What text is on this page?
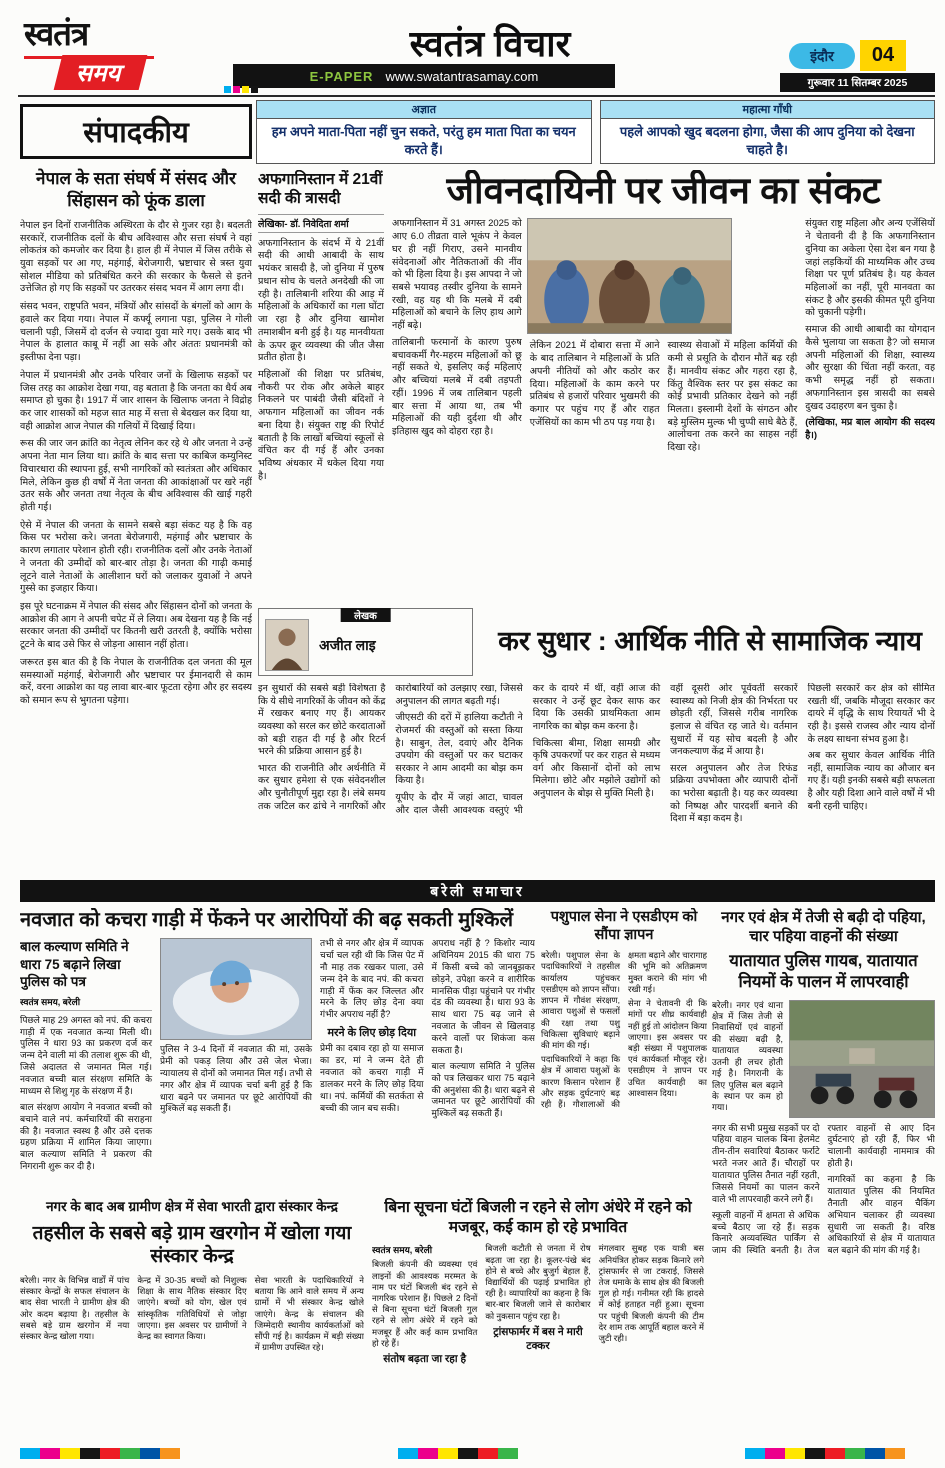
स्वतंत्र
समय
स्वतंत्र विचार
E-PAPER www.swatantrasamay.com
इंदौर	04
गुरूवार 11 सितम्बर 2025
अज्ञात
हम अपने माता-पिता नहीं चुन सकते, परंतु हम माता पिता का चयन करते हैं।
महात्मा गाँधी
पहले आपको खुद बदलना होगा, जैसा की आप दुनिया को देखना चाहते है।
संपादकीय
नेपाल के सता संघर्ष में संसद और सिंहासन को फूंक डाला

नेपाल इन दिनों राजनीतिक अस्थिरता के दौर से गुजर रहा है। बदलती सरकारें, राजनीतिक दलों के बीच अविश्वास और सत्ता संघर्ष ने वहां लोकतंत्र को कमजोर कर दिया है। हाल ही में नेपाल में जिस तरीके से युवा सड़कों पर आ गए, महंगाई, बेरोजगारी, भ्रष्टाचार से त्रस्त युवा सोशल मीडिया को प्रतिबंधित करने की सरकार के फैसले से इतने उत्तेजित हो गए कि सड़कों पर उतरकर संसद भवन में आग लगा दी।

संसद भवन, राष्ट्रपति भवन, मंत्रियों और सांसदों के बंगलों को आग के हवाले कर दिया गया। नेपाल में कर्फ्यू लगाना पड़ा, पुलिस ने गोली चलानी पड़ी, जिसमें दो दर्जन से ज्यादा युवा मारे गए। उसके बाद भी नेपाल के हालात काबू में नहीं आ सके और अंततः प्रधानमंत्री को इस्तीफा देना पड़ा।

नेपाल में प्रधानमंत्री और उनके परिवार जनों के खिलाफ सड़कों पर जिस तरह का आक्रोश देखा गया, वह बताता है कि जनता का धैर्य अब समाप्त हो चुका है। 1917 में जार शासन के खिलाफ जनता ने विद्रोह कर जार शासकों को महज सात माह में सत्ता से बेदखल कर दिया था, वही आक्रोश आज नेपाल की गलियों में दिखाई दिया।

रूस की जार जन क्रांति का नेतृत्व लेनिन कर रहे थे और जनता ने उन्हें अपना नेता मान लिया था। क्रांति के बाद सत्ता पर काबिज कम्युनिस्ट विचारधारा की स्थापना हुई, सभी नागरिकों को स्वतंत्रता और अधिकार मिले, लेकिन कुछ ही वर्षों में नेता जनता की आकांक्षाओं पर खरे नहीं उतर सके और जनता तथा नेतृत्व के बीच अविश्वास की खाई गहरी होती गई।

ऐसे में नेपाल की जनता के सामने सबसे बड़ा संकट यह है कि वह किस पर भरोसा करे। जनता बेरोजगारी, महंगाई और भ्रष्टाचार के कारण लगातार परेशान होती रही। राजनीतिक दलों और उनके नेताओं ने जनता की उम्मीदों को बार-बार तोड़ा है। जनता की गाढ़ी कमाई लूटने वाले नेताओं के आलीशान घरों को जलाकर युवाओं ने अपने गुस्से का इजहार किया।

इस पूरे घटनाक्रम में नेपाल की संसद और सिंहासन दोनों को जनता के आक्रोश की आग ने अपनी चपेट में ले लिया। अब देखना यह है कि नई सरकार जनता की उम्मीदों पर कितनी खरी उतरती है, क्योंकि भरोसा टूटने के बाद उसे फिर से जोड़ना आसान नहीं होता।

जरूरत इस बात की है कि नेपाल के राजनीतिक दल जनता की मूल समस्याओं महंगाई, बेरोजगारी और भ्रष्टाचार पर ईमानदारी से काम करें, वरना आक्रोश का यह लावा बार-बार फूटता रहेगा और हर सदस्य को समान रूप से भुगतना पड़ेगा।

अफगानिस्तान में 21वीं सदी की त्रासदी
लेखिका- डॉ. निवेदिता शर्मा

अफगानिस्तान के संदर्भ में ये 21वीं सदी की आधी आबादी के साथ भयंकर त्रासदी है, जो दुनिया में पुरुष प्रधान सोच के चलते अनदेखी की जा रही है। तालिबानी शरिया की आड़ में महिलाओं के अधिकारों का गला घोंटा जा रहा है और दुनिया खामोश तमाशबीन बनी हुई है। यह मानवीयता के ऊपर क्रूर व्यवस्था की जीत जैसा प्रतीत होता है।

महिलाओं की शिक्षा पर प्रतिबंध, नौकरी पर रोक और अकेले बाहर निकलने पर पाबंदी जैसी बंदिशों ने अफगान महिलाओं का जीवन नर्क बना दिया है। संयुक्त राष्ट्र की रिपोर्ट बताती है कि लाखों बच्चियां स्कूलों से वंचित कर दी गई हैं और उनका भविष्य अंधकार में धकेल दिया गया है।

जीवनदायिनी पर जीवन का संकट

अफगानिस्तान में 31 अगस्त 2025 को आए 6.0 तीव्रता वाले भूकंप ने केवल घर ही नहीं गिराए, उसने मानवीय संवेदनाओं और नैतिकताओं की नींव को भी हिला दिया है। इस आपदा ने जो सबसे भयावह तस्वीर दुनिया के सामने रखी, वह यह थी कि मलबे में दबी महिलाओं को बचाने के लिए हाथ आगे नहीं बढ़े।

तालिबानी फरमानों के कारण पुरुष बचावकर्मी गैर-महरम महिलाओं को छू नहीं सकते थे, इसलिए कई महिलाएं और बच्चियां मलबे में दबी तड़पती रहीं। 1996 में जब तालिबान पहली बार सत्ता में आया था, तब भी महिलाओं की यही दुर्दशा थी और इतिहास खुद को दोहरा रहा है।

लेकिन 2021 में दोबारा सत्ता में आने के बाद तालिबान ने महिलाओं के प्रति अपनी नीतियों को और कठोर कर दिया। महिलाओं के काम करने पर प्रतिबंध से हजारों परिवार भुखमरी की कगार पर पहुंच गए हैं और राहत एजेंसियों का काम भी ठप पड़ गया है।

स्वास्थ्य सेवाओं में महिला कर्मियों की कमी से प्रसूति के दौरान मौतें बढ़ रही हैं। मानवीय संकट और गहरा रहा है, किंतु वैश्विक स्तर पर इस संकट का कोई प्रभावी प्रतिकार देखने को नहीं मिलता। इस्लामी देशों के संगठन और बड़े मुस्लिम मुल्क भी चुप्पी साधे बैठे हैं, आलोचना तक करने का साहस नहीं दिखा रहे।

संयुक्त राष्ट्र महिला और अन्य एजेंसियों ने चेतावनी दी है कि अफगानिस्तान दुनिया का अकेला ऐसा देश बन गया है जहां लड़कियों की माध्यमिक और उच्च शिक्षा पर पूर्ण प्रतिबंध है। यह केवल महिलाओं का नहीं, पूरी मानवता का संकट है और इसकी कीमत पूरी दुनिया को चुकानी पड़ेगी।

समाज की आधी आबादी का योगदान कैसे भुलाया जा सकता है? जो समाज अपनी महिलाओं की शिक्षा, स्वास्थ्य और सुरक्षा की चिंता नहीं करता, वह कभी समृद्ध नहीं हो सकता। अफगानिस्तान इस त्रासदी का सबसे दुखद उदाहरण बन चुका है।

(लेखिका, मप्र बाल आयोग की सदस्य है।)

लेखक
अजीत लाइ	कर सुधार : आर्थिक नीति से सामाजिक न्याय

इन सुधारों की सबसे बड़ी विशेषता है कि ये सीधे नागरिकों के जीवन को केंद्र में रखकर बनाए गए हैं। आयकर व्यवस्था को सरल कर छोटे करदाताओं को बड़ी राहत दी गई है और रिटर्न भरने की प्रक्रिया आसान हुई है।

भारत की राजनीति और अर्थनीति में कर सुधार हमेशा से एक संवेदनशील और चुनौतीपूर्ण मुद्दा रहा है। लंबे समय तक जटिल कर ढांचे ने नागरिकों और कारोबारियों को उलझाए रखा, जिससे अनुपालन की लागत बढ़ती गई।

जीएसटी की दरों में हालिया कटौती ने रोजमर्रा की वस्तुओं को सस्ता किया है। साबुन, तेल, दवाएं और दैनिक उपयोग की वस्तुओं पर कर घटाकर सरकार ने आम आदमी का बोझ कम किया है।

यूपीए के दौर में जहां आटा, चावल और दाल जैसी आवश्यक वस्तुएं भी कर के दायरे में थीं, वहीं आज की सरकार ने उन्हें छूट देकर साफ कर दिया कि उसकी प्राथमिकता आम नागरिक का बोझ कम करना है।

चिकित्सा बीमा, शिक्षा सामग्री और कृषि उपकरणों पर कर राहत से मध्यम वर्ग और किसानों दोनों को लाभ मिलेगा। छोटे और मझोले उद्योगों को अनुपालन के बोझ से मुक्ति मिली है।

वहीं दूसरी ओर पूर्ववर्ती सरकारें स्वास्थ्य को निजी क्षेत्र की निर्भरता पर छोड़ती रहीं, जिससे गरीब नागरिक इलाज से वंचित रह जाते थे। वर्तमान सुधारों में यह सोच बदली है और जनकल्याण केंद्र में आया है।

सरल अनुपालन और तेज रिफंड प्रक्रिया उपभोक्ता और व्यापारी दोनों का भरोसा बढ़ाती है। यह कर व्यवस्था को निष्पक्ष और पारदर्शी बनाने की दिशा में बड़ा कदम है।

पिछली सरकारें कर क्षेत्र को सीमित रखती थीं, जबकि मौजूदा सरकार कर दायरे में वृद्धि के साथ रियायतें भी दे रही है। इससे राजस्व और न्याय दोनों के लक्ष्य साधना संभव हुआ है।

अब कर सुधार केवल आर्थिक नीति नहीं, सामाजिक न्याय का औजार बन गए हैं। यही इनकी सबसे बड़ी सफलता है और यही दिशा आने वाले वर्षों में भी बनी रहनी चाहिए।

बरेली समाचार
नवजात को कचरा गाड़ी में फेंकने पर आरोपियों की बढ़ सकती मुश्किलें
बाल कल्याण समिति ने धारा 75 बढ़ाने लिखा पुलिस को पत्र
स्वतंत्र समय, बरेली

पिछले माह 29 अगस्त को नपं. की कचरा गाड़ी में एक नवजात कन्या मिली थी। पुलिस ने धारा 93 का प्रकरण दर्ज कर जन्म देने वाली मां की तलाश शुरू की थी, जिसे अदालत से जमानत मिल गई। नवजात बच्ची बाल संरक्षण समिति के माध्यम से शिशु गृह के संरक्षण में है।

बाल संरक्षण आयोग ने नवजात बच्ची को बचाने वाले नपं. कर्मचारियों की सराहना की है। नवजात स्वस्थ है और उसे दत्तक ग्रहण प्रक्रिया में शामिल किया जाएगा। बाल कल्याण समिति ने प्रकरण की निगरानी शुरू कर दी है।

पुलिस ने 3-4 दिनों में नवजात की मां, उसके प्रेमी को पकड़ लिया और उसे जेल भेजा। न्यायालय से दोनों को जमानत मिल गई। तभी से नगर और क्षेत्र में व्यापक चर्चा बनी हुई है कि धारा बढ़ने पर जमानत पर छूटे आरोपियों की मुश्किलें बढ़ सकती हैं।

तभी से नगर और क्षेत्र में व्यापक चर्चा चल रही थी कि जिस पेट में नौ माह तक रखकर पाला, उसे जन्म देने के बाद नपं. की कचरा गाड़ी में फेंक कर जिल्लत और मरने के लिए छोड़ देना क्या गंभीर अपराध नहीं है?

मरने के लिए छोड़ दिया

प्रेमी का दबाव रहा हो या समाज का डर, मां ने जन्म देते ही नवजात को कचरा गाड़ी में डालकर मरने के लिए छोड़ दिया था। नपं. कर्मियों की सतर्कता से बच्ची की जान बच सकी।

अपराध नहीं है ? किशोर न्याय अधिनियम 2015 की धारा 75 में किसी बच्चे को जानबूझकर छोड़ने, उपेक्षा करने व शारीरिक मानसिक पीड़ा पहुंचाने पर गंभीर दंड की व्यवस्था है। धारा 93 के साथ धारा 75 बढ़ जाने से नवजात के जीवन से खिलवाड़ करने वालों पर शिकंजा कस सकता है।

बाल कल्याण समिति ने पुलिस को पत्र लिखकर धारा 75 बढ़ाने की अनुशंसा की है। धारा बढ़ने से जमानत पर छूटे आरोपियों की मुश्किलें बढ़ सकती हैं।

पशुपाल सेना ने एसडीएम को सौंपा ज्ञापन

बरेली। पशुपाल सेना के पदाधिकारियों ने तहसील कार्यालय पहुंचकर एसडीएम को ज्ञापन सौंपा। ज्ञापन में गौवंश संरक्षण, आवारा पशुओं से फसलों की रक्षा तथा पशु चिकित्सा सुविधाएं बढ़ाने की मांग की गई।

पदाधिकारियों ने कहा कि क्षेत्र में आवारा पशुओं के कारण किसान परेशान हैं और सड़क दुर्घटनाएं बढ़ रही हैं। गौशालाओं की क्षमता बढ़ाने और चारागाह की भूमि को अतिक्रमण मुक्त कराने की मांग भी रखी गई।

सेना ने चेतावनी दी कि मांगों पर शीघ्र कार्यवाही नहीं हुई तो आंदोलन किया जाएगा। इस अवसर पर बड़ी संख्या में पशुपालक एवं कार्यकर्ता मौजूद रहे। एसडीएम ने ज्ञापन पर उचित कार्यवाही का आश्वासन दिया।

नगर एवं क्षेत्र में तेजी से बढ़ी दो पहिया, चार पहिया वाहनों की संख्या
यातायात पुलिस गायब, यातायात नियमों के पालन में लापरवाही
बरेली। नगर एवं थाना क्षेत्र में जिस तेजी से निवासियों एवं वाहनों की संख्या बढ़ी है, यातायात व्यवस्था उतनी ही लचर होती गई है। निगरानी के लिए पुलिस बल बढ़ाने के स्थान पर कम हो गया।

नगर की सभी प्रमुख सड़कों पर दो पहिया वाहन चालक बिना हेलमेट तीन-तीन सवारियां बैठाकर फर्राटे भरते नजर आते हैं। चौराहों पर यातायात पुलिस तैनात नहीं रहती, जिससे नियमों का पालन करने वाले भी लापरवाही करने लगे हैं।

स्कूली वाहनों में क्षमता से अधिक बच्चे बैठाए जा रहे हैं। सड़क किनारे अव्यवस्थित पार्किंग से जाम की स्थिति बनती है। तेज रफ्तार वाहनों से आए दिन दुर्घटनाएं हो रही हैं, फिर भी चालानी कार्यवाही नाममात्र की होती है।

नागरिकों का कहना है कि यातायात पुलिस की नियमित तैनाती और वाहन चैकिंग अभियान चलाकर ही व्यवस्था सुधारी जा सकती है। वरिष्ठ अधिकारियों से क्षेत्र में यातायात बल बढ़ाने की मांग की गई है।

नगर के बाद अब ग्रामीण क्षेत्र में सेवा भारती द्वारा संस्कार केन्द्र
तहसील के सबसे बड़े ग्राम खरगोन में खोला गया संस्कार केन्द्र

बरेली। नगर के विभिन्न वार्डों में पांच संस्कार केन्द्रों के सफल संचालन के बाद सेवा भारती ने ग्रामीण क्षेत्र की ओर कदम बढ़ाया है। तहसील के सबसे बड़े ग्राम खरगोन में नया संस्कार केन्द्र खोला गया।

केन्द्र में 30-35 बच्चों को निशुल्क शिक्षा के साथ नैतिक संस्कार दिए जाएंगे। बच्चों को योग, खेल एवं सांस्कृतिक गतिविधियों से जोड़ा जाएगा। इस अवसर पर ग्रामीणों ने केन्द्र का स्वागत किया।

सेवा भारती के पदाधिकारियों ने बताया कि आने वाले समय में अन्य ग्रामों में भी संस्कार केन्द्र खोले जाएंगे। केन्द्र के संचालन की जिम्मेदारी स्थानीय कार्यकर्ताओं को सौंपी गई है। कार्यक्रम में बड़ी संख्या में ग्रामीण उपस्थित रहे।

बिना सूचना घंटों बिजली न रहने से लोग अंधेरे में रहने को मजबूर, कई काम हो रहे प्रभावित
स्वतंत्र समय, बरेली

बिजली कंपनी की व्यवस्था एवं लाइनों की आवश्यक मरम्मत के नाम पर घंटों बिजली बंद रहने से नागरिक परेशान हैं। पिछले 2 दिनों से बिना सूचना घंटों बिजली गुल रहने से लोग अंधेरे में रहने को मजबूर हैं और कई काम प्रभावित हो रहे हैं।

संतोष बढ़ता जा रहा है

बिजली कटौती से जनता में रोष बढ़ता जा रहा है। कूलर-पंखे बंद होने से बच्चे और बुजुर्ग बेहाल हैं, विद्यार्थियों की पढ़ाई प्रभावित हो रही है। व्यापारियों का कहना है कि बार-बार बिजली जाने से कारोबार को नुकसान पहुंच रहा है।

ट्रांसफार्मर में बस ने मारी टक्कर

मंगलवार सुबह एक यात्री बस अनियंत्रित होकर सड़क किनारे लगे ट्रांसफार्मर से जा टकराई, जिससे तेज धमाके के साथ क्षेत्र की बिजली गुल हो गई। गनीमत रही कि हादसे में कोई हताहत नहीं हुआ। सूचना पर पहुंची बिजली कंपनी की टीम देर शाम तक आपूर्ति बहाल करने में जुटी रही।
